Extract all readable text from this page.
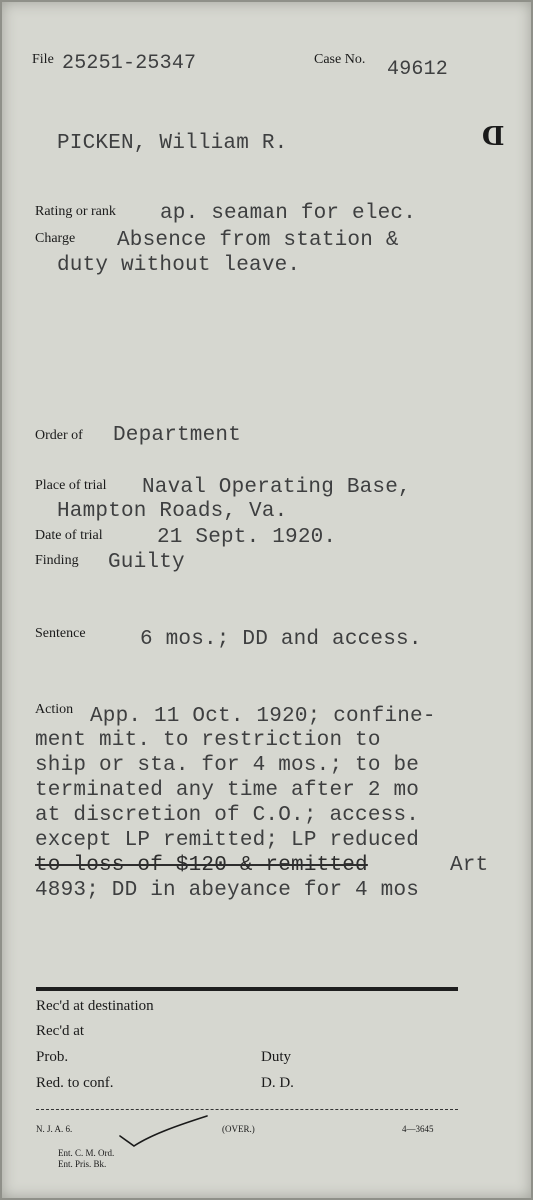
File 25251-25347	Case No. 49612
PICKEN, William R.	D
Rating or rank ap. seaman for elec.
Charge Absence from station &
duty without leave.
Order of Department
Place of trial Naval Operating Base,
Hampton Roads, Va.
Date of trial	21 Sept. 1920.
Finding Guilty
Sentence	6 mos.; DD and access.
Action App. 11 Oct. 1920; confine-
ment mit. to restriction to
ship or sta. for 4 mos.; to be
terminated any time after 2 mo
at discretion of C.O.; access.
except LP remitted; LP reduced
to loss of $120 & remitted	Art
4893; DD in abeyance for 4 mos
Rec'd at destination
Rec'd at
Prob.	Duty
Red. to conf.	D. D.
N. J. A. 6.	(OVER.)	4—3645
Ent. C. M. Ord.
Ent. Pris. Bk.
